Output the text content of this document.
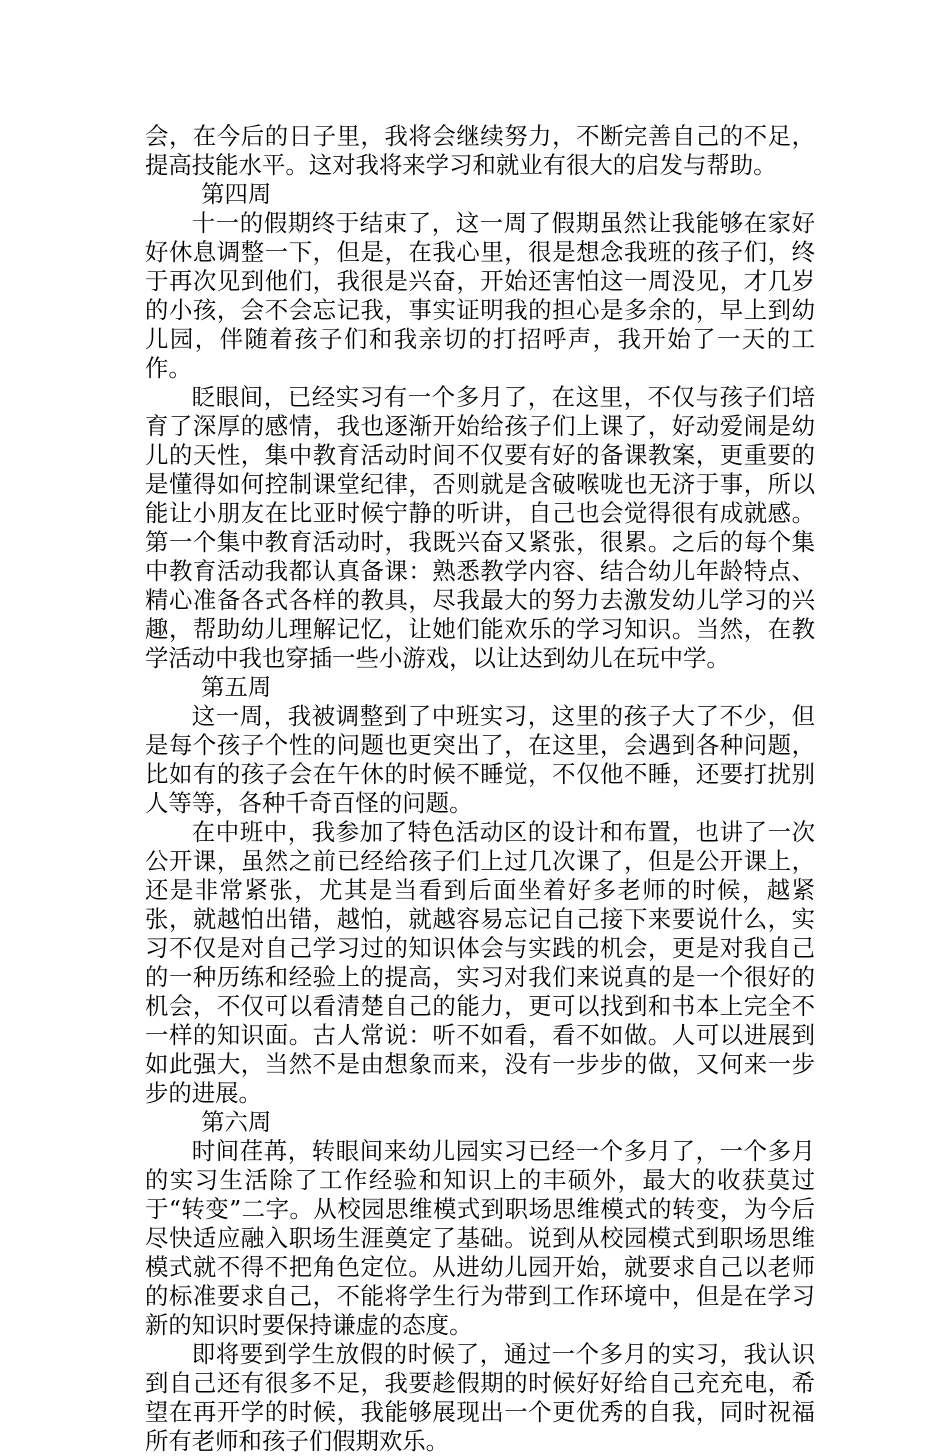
会，在今后的日子里，我将会继续努力，不断完善自己的不足，提高技能水平。这对我将来学习和就业有很大的启发与帮助。

第四周

十一的假期终于结束了，这一周了假期虽然让我能够在家好好休息调整一下，但是，在我心里，很是想念我班的孩子们，终于再次见到他们，我很是兴奋，开始还害怕这一周没见，才几岁的小孩，会不会忘记我，事实证明我的担心是多余的，早上到幼儿园，伴随着孩子们和我亲切的打招呼声，我开始了一天的工作。

眨眼间，已经实习有一个多月了，在这里，不仅与孩子们培育了深厚的感情，我也逐渐开始给孩子们上课了，好动爱闹是幼儿的天性，集中教育活动时间不仅要有好的备课教案，更重要的是懂得如何控制课堂纪律，否则就是含破喉咙也无济于事，所以能让小朋友在比亚时候宁静的听讲，自己也会觉得很有成就感。第一个集中教育活动时，我既兴奋又紧张，很累。之后的每个集中教育活动我都认真备课：熟悉教学内容、结合幼儿年龄特点、精心准备各式各样的教具，尽我最大的努力去激发幼儿学习的兴趣，帮助幼儿理解记忆，让她们能欢乐的学习知识。当然，在教学活动中我也穿插一些小游戏，以让达到幼儿在玩中学。

第五周

这一周，我被调整到了中班实习，这里的孩子大了不少，但是每个孩子个性的问题也更突出了，在这里，会遇到各种问题，比如有的孩子会在午休的时候不睡觉，不仅他不睡，还要打扰别人等等，各种千奇百怪的问题。

在中班中，我参加了特色活动区的设计和布置，也讲了一次公开课，虽然之前已经给孩子们上过几次课了，但是公开课上，还是非常紧张，尤其是当看到后面坐着好多老师的时候，越紧张，就越怕出错，越怕，就越容易忘记自己接下来要说什么，实习不仅是对自己学习过的知识体会与实践的机会，更是对我自己的一种历练和经验上的提高，实习对我们来说真的是一个很好的机会，不仅可以看清楚自己的能力，更可以找到和书本上完全不一样的知识面。古人常说：听不如看，看不如做。人可以进展到如此强大，当然不是由想象而来，没有一步步的做，又何来一步步的进展。

第六周

时间荏苒，转眼间来幼儿园实习已经一个多月了，一个多月的实习生活除了工作经验和知识上的丰硕外，最大的收获莫过于“转变”二字。从校园思维模式到职场思维模式的转变，为今后尽快适应融入职场生涯奠定了基础。说到从校园模式到职场思维模式就不得不把角色定位。从进幼儿园开始，就要求自己以老师的标准要求自己，不能将学生行为带到工作环境中，但是在学习新的知识时要保持谦虚的态度。

即将要到学生放假的时候了，通过一个多月的实习，我认识到自己还有很多不足，我要趁假期的时候好好给自己充充电，希望在再开学的时候，我能够展现出一个更优秀的自我，同时祝福所有老师和孩子们假期欢乐。
